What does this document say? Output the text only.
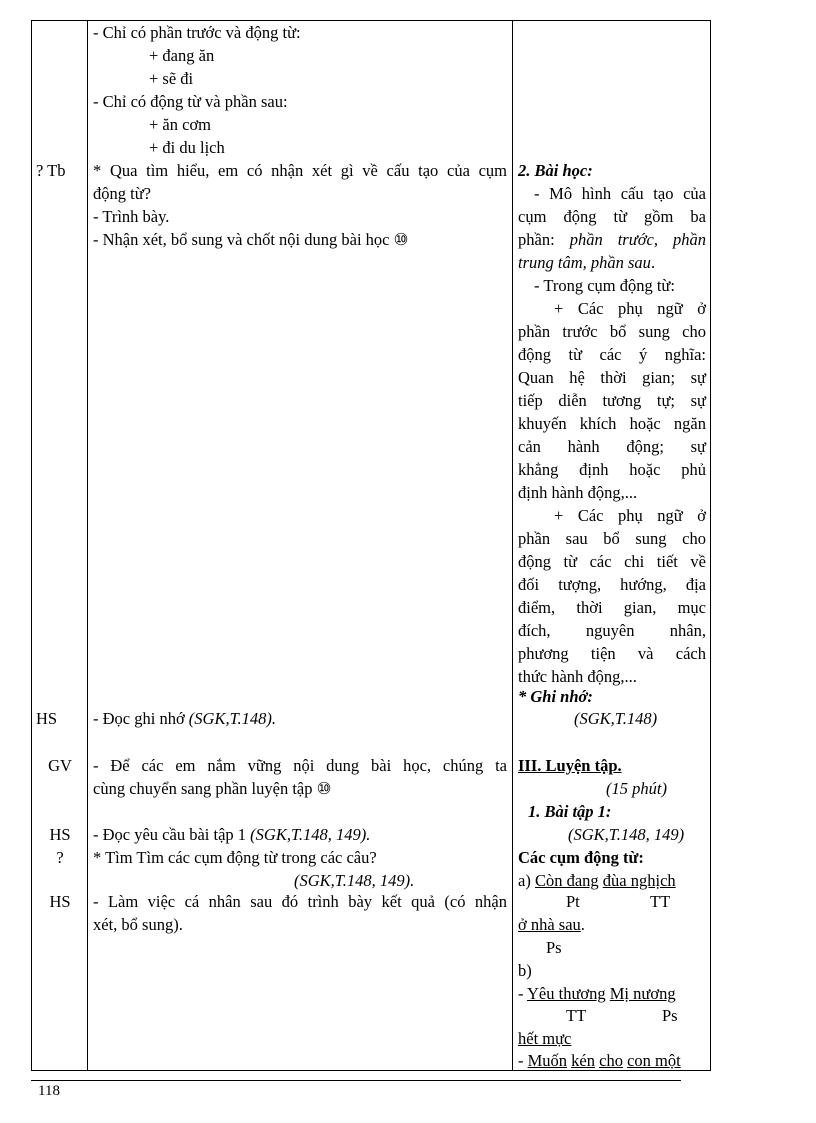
? Tb
HS
GV
HS
?
HS
- Chỉ có phần trước và động từ:
+ đang ăn
+ sẽ đi
- Chỉ có động từ và phần sau:
+ ăn cơm
+ đi du lịch
* Qua tìm hiểu, em có nhận xét gì về cấu tạo của cụm
động từ?
- Trình bày.
- Nhận xét, bổ sung và chốt nội dung bài học ⑩
- Đọc ghi nhớ (SGK,T.148).
- Để các em nắm vững nội dung bài học, chúng ta
cùng chuyển sang phần luyện tập ⑩
- Đọc yêu cầu bài tập 1 (SGK,T.148, 149).
* Tìm Tìm các cụm động từ trong các câu?
(SGK,T.148, 149).
- Làm việc cá nhân sau đó trình bày kết quả (có nhận
xét, bổ sung).
2. Bài học:
- Mô hình cấu tạo của
cụm động từ gồm ba
phần: phần trước, phần
trung tâm, phần sau.
- Trong cụm động từ:
+ Các phụ ngữ ở
phần trước bổ sung cho
động từ các ý nghĩa:
Quan hệ thời gian; sự
tiếp diễn tương tự; sự
khuyến khích hoặc ngăn
cản hành động; sự
khẳng định hoặc phủ
định hành động,...
+ Các phụ ngữ ở
phần sau bổ sung cho
động từ các chi tiết về
đối tượng, hướng, địa
điểm, thời gian, mục
đích, nguyên nhân,
phương tiện và cách
thức hành động,...
* Ghi nhớ:
(SGK,T.148)
III. Luyện tập.
(15 phút)
1. Bài tập 1:
(SGK,T.148, 149)
Các cụm động từ:
a) Còn đang đùa nghịch
Pt	TT
ở nhà sau.
Ps
b)
- Yêu thương Mị nương
TT	Ps
hết mực
- Muốn kén cho con một
118
